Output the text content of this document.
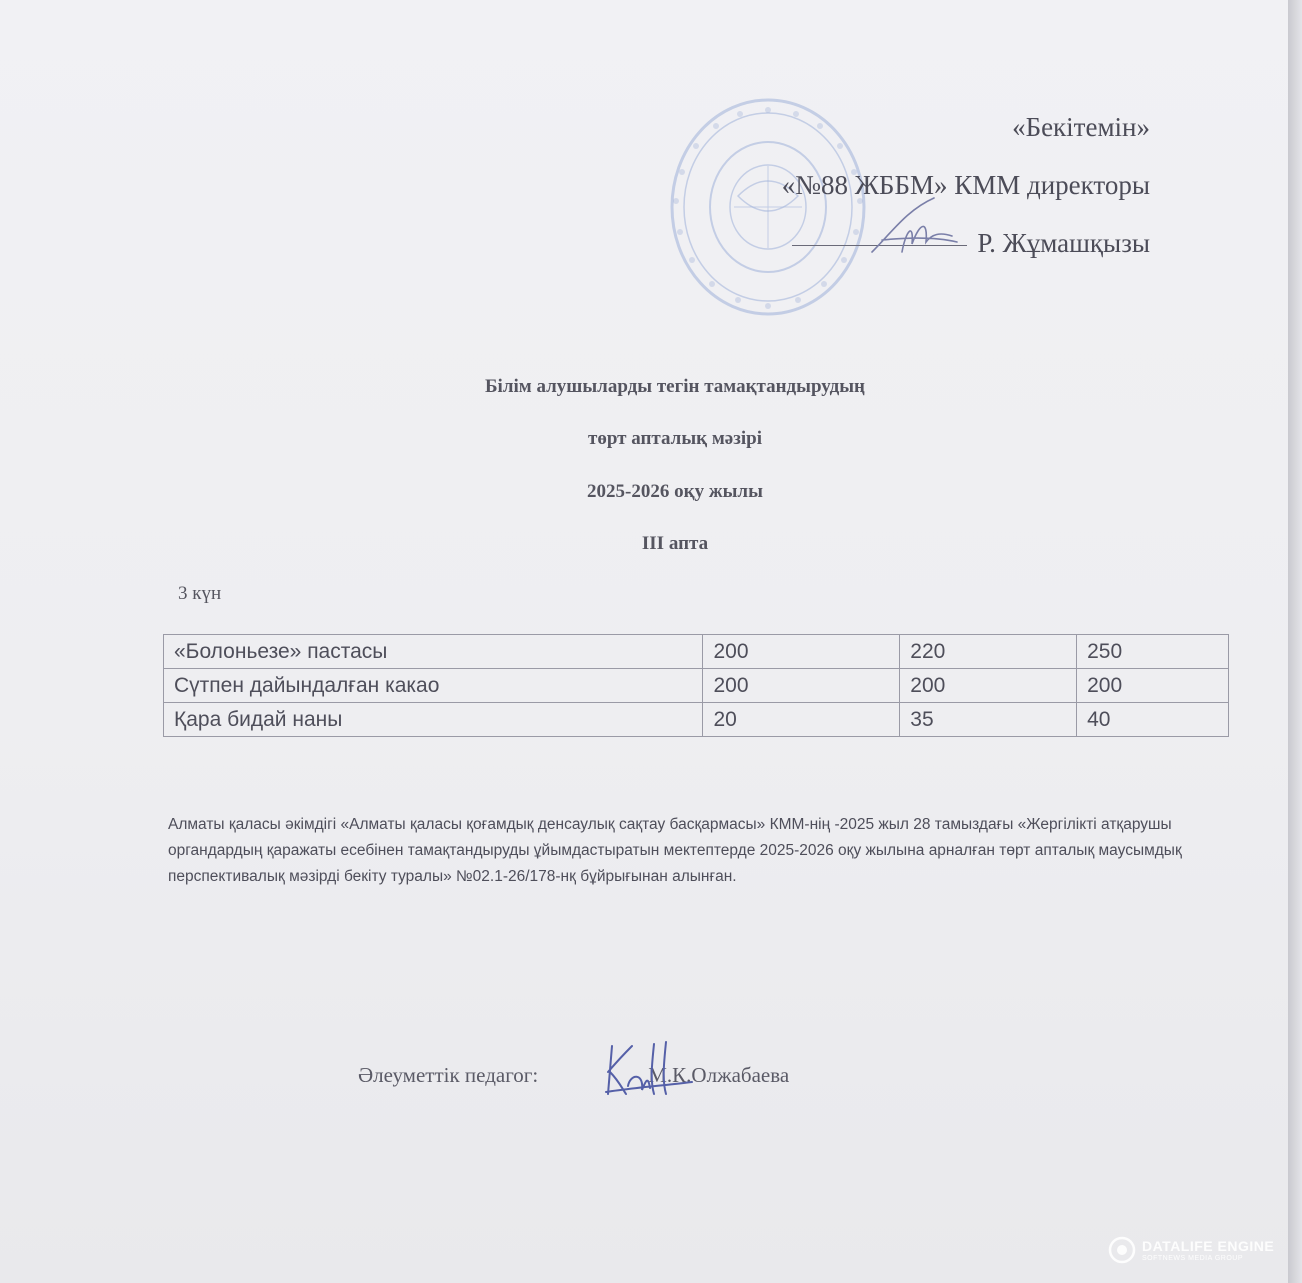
«Бекітемін»
«№88 ЖББМ» КММ директоры
Р. Жұмашқызы
Білім алушыларды тегін тамақтандырудың
төрт апталық мәзірі
2025-2026 оқу жылы
ІІІ апта
3 күн
«Болоньезе» пастасы	200	220	250
Сүтпен дайындалған какао	200	200	200
Қара бидай наны	20	35	40
Алматы қаласы әкімдігі «Алматы қаласы қоғамдық денсаулық сақтау басқармасы» КММ-нің -2025 жыл 28 тамыздағы «Жергілікті атқарушы органдардың қаражаты есебінен тамақтандыруды ұйымдастыратын мектептерде 2025-2026 оқу жылына арналған төрт апталық маусымдық перспективалық мәзірді бекіту туралы» №02.1-26/178-нқ бұйрығынан алынған.
Әлеуметтік педагог:	М.К.Олжабаева
DATALIFE ENGINE
SOFTNEWS MEDIA GROUP
